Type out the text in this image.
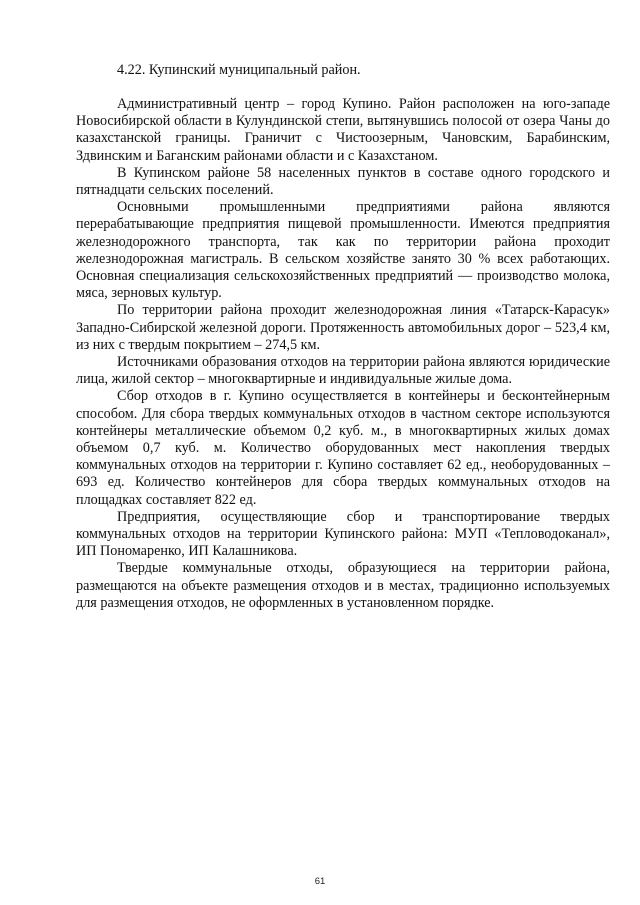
4.22. Купинский муниципальный район.

Административный центр – город Купино. Район расположен на юго-западе Новосибирской области в Кулундинской степи, вытянувшись полосой от озера Чаны до казахстанской границы. Граничит с Чистоозерным, Чановским, Барабинским, Здвинским и Баганским районами области и с Казахстаном.

В Купинском районе 58 населенных пунктов в составе одного городского и пятнадцати сельских поселений.

Основными промышленными предприятиями района являются перерабатывающие предприятия пищевой промышленности. Имеются предприятия железнодорожного транспорта, так как по территории района проходит железнодорожная магистраль. В сельском хозяйстве занято 30 % всех работающих. Основная специализация сельскохозяйственных предприятий — производство молока, мяса, зерновых культур.

По территории района проходит железнодорожная линия «Татарск-Карасук» Западно-Сибирской железной дороги. Протяженность автомобильных дорог – 523,4 км, из них с твердым покрытием – 274,5 км.

Источниками образования отходов на территории района являются юридические лица, жилой сектор – многоквартирные и индивидуальные жилые дома.

Сбор отходов в г. Купино осуществляется в контейнеры и бесконтейнерным способом. Для сбора твердых коммунальных отходов в частном секторе используются контейнеры металлические объемом 0,2 куб. м., в многоквартирных жилых домах объемом 0,7 куб. м. Количество оборудованных мест накопления твердых коммунальных отходов на территории г. Купино составляет 62 ед., необорудованных – 693 ед. Количество контейнеров для сбора твердых коммунальных отходов на площадках составляет 822 ед.

Предприятия, осуществляющие сбор и транспортирование твердых коммунальных отходов на территории Купинского района: МУП «Тепловодоканал», ИП Пономаренко, ИП Калашникова.

Твердые коммунальные отходы, образующиеся на территории района, размещаются на объекте размещения отходов и в местах, традиционно используемых для размещения отходов, не оформленных в установленном порядке.

61
